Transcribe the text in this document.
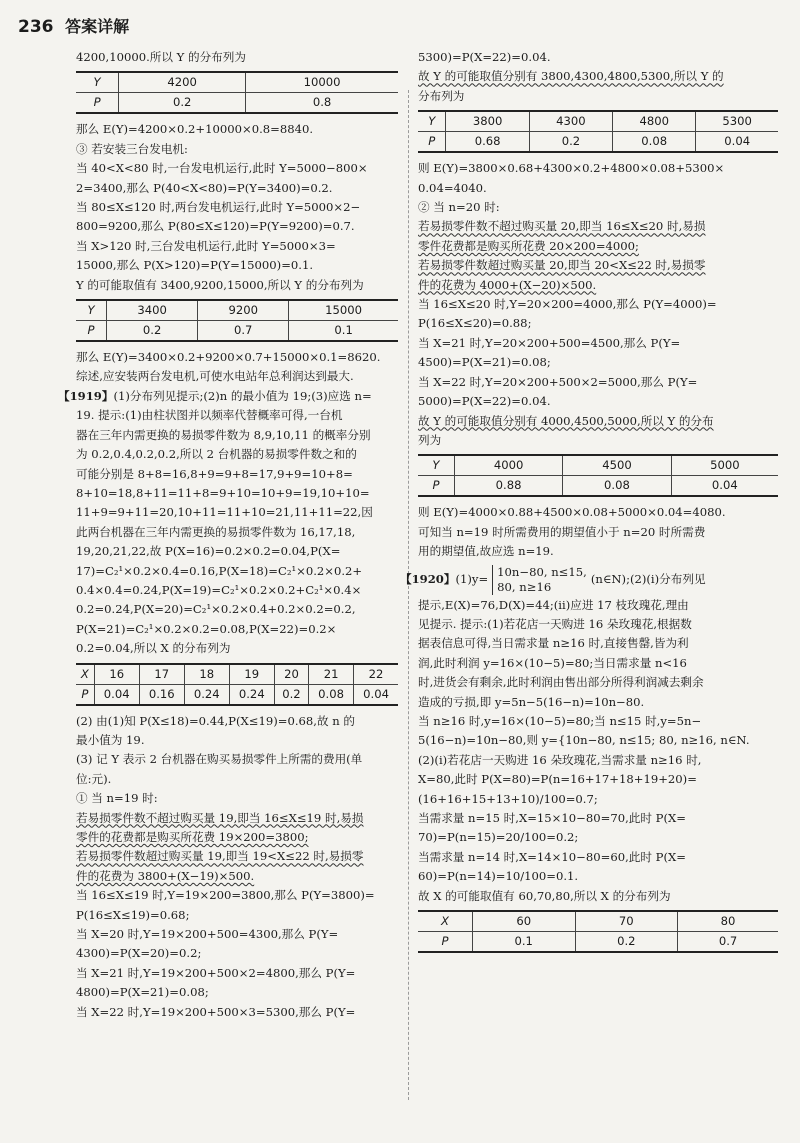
236 答案详解
4200,10000.所以 Y 的分布列为
Y	4200	10000
P	0.2	0.8
那么 E(Y)=4200×0.2+10000×0.8=8840.
③ 若安装三台发电机:
当 40<X<80 时,一台发电机运行,此时 Y=5000−800×
2=3400,那么 P(40<X<80)=P(Y=3400)=0.2.
当 80≤X≤120 时,两台发电机运行,此时 Y=5000×2−
800=9200,那么 P(80≤X≤120)=P(Y=9200)=0.7.
当 X>120 时,三台发电机运行,此时 Y=5000×3=
15000,那么 P(X>120)=P(Y=15000)=0.1.
Y 的可能取值有 3400,9200,15000,所以 Y 的分布列为
Y	3400	9200	15000
P	0.2	0.7	0.1
那么 E(Y)=3400×0.2+9200×0.7+15000×0.1=8620.
综述,应安装两台发电机,可使水电站年总利润达到最大.
【1919】(1)分布列见提示;(2)n 的最小值为 19;(3)应选 n=
19. 提示:(1)由柱状图并以频率代替概率可得,一台机
器在三年内需更换的易损零件数为 8,9,10,11 的概率分别
为 0.2,0.4,0.2,0.2,所以 2 台机器的易损零件数之和的
可能分别是 8+8=16,8+9=9+8=17,9+9=10+8=
8+10=18,8+11=11+8=9+10=10+9=19,10+10=
11+9=9+11=20,10+11=11+10=21,11+11=22,因
此两台机器在三年内需更换的易损零件数为 16,17,18,
19,20,21,22,故 P(X=16)=0.2×0.2=0.04,P(X=
17)=C₂¹×0.2×0.4=0.16,P(X=18)=C₂¹×0.2×0.2+
0.4×0.4=0.24,P(X=19)=C₂¹×0.2×0.2+C₂¹×0.4×
0.2=0.24,P(X=20)=C₂¹×0.2×0.4+0.2×0.2=0.2,
P(X=21)=C₂¹×0.2×0.2=0.08,P(X=22)=0.2×
0.2=0.04,所以 X 的分布列为
X	16	17	18	19	20	21	22
P	0.04	0.16	0.24	0.24	0.2	0.08	0.04
(2) 由(1)知 P(X≤18)=0.44,P(X≤19)=0.68,故 n 的
最小值为 19.
(3) 记 Y 表示 2 台机器在购买易损零件上所需的费用(单
位:元).
① 当 n=19 时:
若易损零件数不超过购买量 19,即当 16≤X≤19 时,易损
零件的花费都是购买所花费 19×200=3800;
若易损零件数超过购买量 19,即当 19<X≤22 时,易损零
件的花费为 3800+(X−19)×500.
当 16≤X≤19 时,Y=19×200=3800,那么 P(Y=3800)=
P(16≤X≤19)=0.68;
当 X=20 时,Y=19×200+500=4300,那么 P(Y=
4300)=P(X=20)=0.2;
当 X=21 时,Y=19×200+500×2=4800,那么 P(Y=
4800)=P(X=21)=0.08;
当 X=22 时,Y=19×200+500×3=5300,那么 P(Y=
5300)=P(X=22)=0.04.
故 Y 的可能取值分别有 3800,4300,4800,5300,所以 Y 的
分布列为
Y	3800	4300	4800	5300
P	0.68	0.2	0.08	0.04
则 E(Y)=3800×0.68+4300×0.2+4800×0.08+5300×
0.04=4040.
② 当 n=20 时:
若易损零件数不超过购买量 20,即当 16≤X≤20 时,易损
零件花费都是购买所花费 20×200=4000;
若易损零件数超过购买量 20,即当 20<X≤22 时,易损零
件的花费为 4000+(X−20)×500.
当 16≤X≤20 时,Y=20×200=4000,那么 P(Y=4000)=
P(16≤X≤20)=0.88;
当 X=21 时,Y=20×200+500=4500,那么 P(Y=
4500)=P(X=21)=0.08;
当 X=22 时,Y=20×200+500×2=5000,那么 P(Y=
5000)=P(X=22)=0.04.
故 Y 的可能取值分别有 4000,4500,5000,所以 Y 的分布
列为
Y	4000	4500	5000
P	0.88	0.08	0.04
则 E(Y)=4000×0.88+4500×0.08+5000×0.04=4080.
可知当 n=19 时所需费用的期望值小于 n=20 时所需费
用的期望值,故应选 n=19.
【1920】(1)y= 10n−80, n≤15,
80, n≥16
(n∈N);(2)(i)分布列见
提示,E(X)=76,D(X)=44;(ii)应进 17 枝玫瑰花,理由
见提示. 提示:(1)若花店一天购进 16 朵玫瑰花,根据数
据表信息可得,当日需求量 n≥16 时,直接售罄,皆为利
润,此时利润 y=16×(10−5)=80;当日需求量 n<16
时,进货会有剩余,此时利润由售出部分所得利润减去剩余
造成的亏损,即 y=5n−5(16−n)=10n−80.
当 n≥16 时,y=16×(10−5)=80;当 n≤15 时,y=5n−
5(16−n)=10n−80,则 y={10n−80, n≤15; 80, n≥16, n∈N.
(2)(i)若花店一天购进 16 朵玫瑰花,当需求量 n≥16 时,
X=80,此时 P(X=80)=P(n=16+17+18+19+20)=
(16+16+15+13+10)/100=0.7;
当需求量 n=15 时,X=15×10−80=70,此时 P(X=
70)=P(n=15)=20/100=0.2;
当需求量 n=14 时,X=14×10−80=60,此时 P(X=
60)=P(n=14)=10/100=0.1.
故 X 的可能取值有 60,70,80,所以 X 的分布列为
X	60	70	80
P	0.1	0.2	0.7
